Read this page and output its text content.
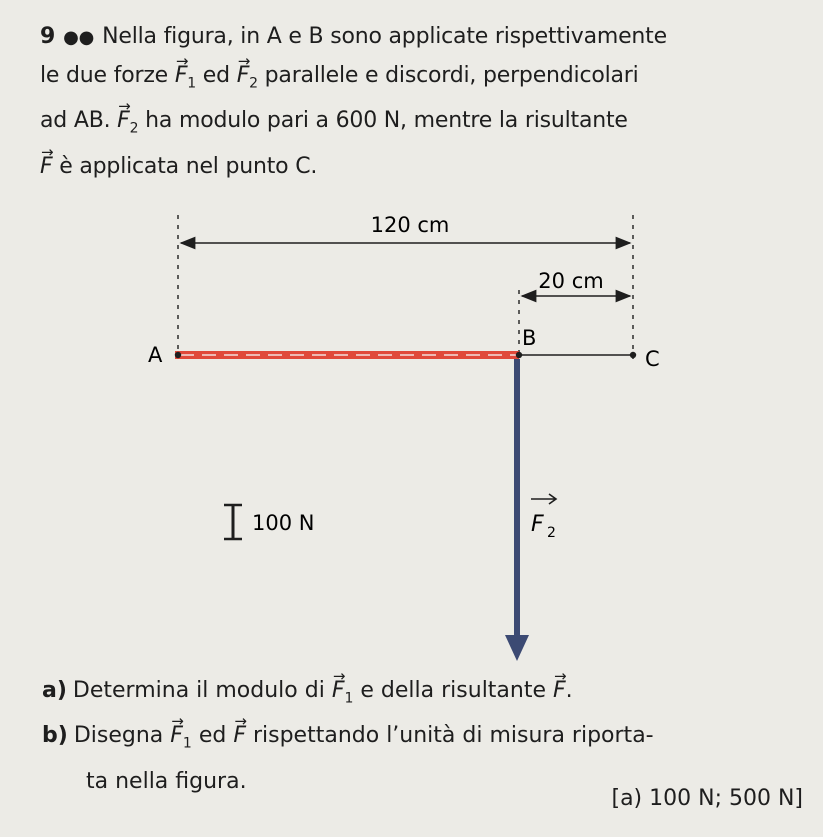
9 ●● Nella figura, in A e B sono applicate rispettivamente
le due forze → $F_1$ ed → $F_2$ parallele e discordi, perpendicolari
ad AB. → $F_2$ ha modulo pari a 600 N, mentre la risultante
→ F è applicata nel punto C.
120 cm
20 cm
A
B
C
F 2
100 N
a) Determina il modulo di → $F_1$ e della risultante → F.
b) Disegna → $F_1$ ed → F rispettando l’unità di misura riporta-
ta nella figura.
[a) 100 N; 500 N]
